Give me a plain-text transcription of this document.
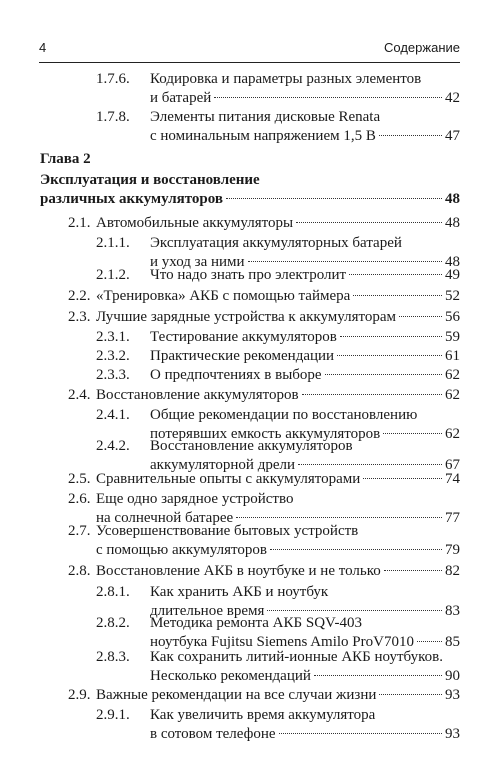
4	Содержание
1.7.6. Кодировка и параметры разных элементов
и батарей	42
1.7.8. Элементы питания дисковые Renata
с номинальным напряжением 1,5 В	47
Глава 2
Эксплуатация и восстановление
различных аккумуляторов	48
2.1. Автомобильные аккумуляторы	48
2.1.1. Эксплуатация аккумуляторных батарей
и уход за ними	48
2.1.2. Что надо знать про электролит	49
2.2. «Тренировка» АКБ с помощью таймера	52
2.3. Лучшие зарядные устройства к аккумуляторам	56
2.3.1. Тестирование аккумуляторов	59
2.3.2. Практические рекомендации	61
2.3.3. О предпочтениях в выборе	62
2.4. Восстановление аккумуляторов	62
2.4.1. Общие рекомендации по восстановлению
потерявших емкость аккумуляторов	62
2.4.2. Восстановление аккумуляторов
аккумуляторной дрели	67
2.5. Сравнительные опыты с аккумуляторами	74
2.6. Еще одно зарядное устройство
на солнечной батарее	77
2.7. Усовершенствование бытовых устройств
с помощью аккумуляторов	79
2.8. Восстановление АКБ в ноутбуке и не только	82
2.8.1. Как хранить АКБ и ноутбук
длительное время	83
2.8.2. Методика ремонта АКБ SQV-403
ноутбука Fujitsu Siemens Amilo ProV7010 85
2.8.3. Как сохранить литий-ионные АКБ ноутбуков.
Несколько рекомендаций	90
2.9. Важные рекомендации на все случаи жизни	93
2.9.1. Как увеличить время аккумулятора
в сотовом телефоне	93
